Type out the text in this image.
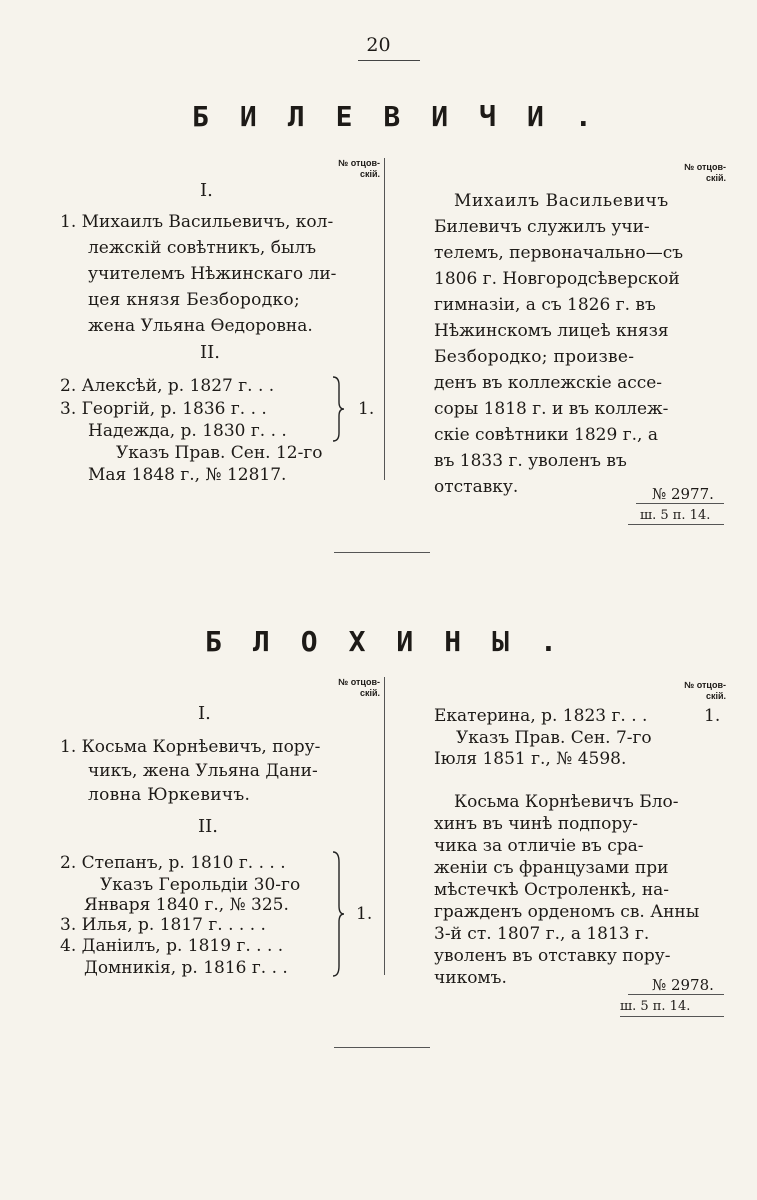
20
БИЛЕВИЧИ.
№ отцов-
скій.
I.
1. Михаилъ Васильевичъ, кол-
лежскій совѣтникъ, былъ
учителемъ Нѣжинскаго ли-
цея князя Безбородко;
жена Ульяна Ѳедоровна.
II.
2. Алексѣй, р. 1827 г. . .
3. Георгій, р. 1836 г. . .
Надежда, р. 1830 г. . .
Указъ Прав. Сен. 12-го
Мая 1848 г., № 12817.
1.
№ отцов-
скій.
Михаилъ Васильевичъ
Билевичъ служилъ учи-
телемъ, первоначально—съ
1806 г. Новгородсѣверской
гимназіи, а съ 1826 г. въ
Нѣжинскомъ лицеѣ князя
Безбородко; произве-
денъ въ коллежскіе ассе-
соры 1818 г. и въ коллеж-
скіе совѣтники 1829 г., а
въ 1833 г. уволенъ въ
отставку.	№ 2977.
ш. 5 п. 14.
БЛОХИНЫ.
№ отцов-
скій.
I.
1. Косьма Корнѣевичъ, пору-
чикъ, жена Ульяна Дани-
ловна Юркевичъ.
II.
2. Степанъ, р. 1810 г. . . .
Указъ Герольдіи 30-го
Января 1840 г., № 325.
3. Илья, р. 1817 г. . . . .
4. Даніилъ, р. 1819 г. . . .
Домникія, р. 1816 г. . .
1.
№ отцов-
скій.
Екатерина, р. 1823 г. . .	1.
Указъ Прав. Сен. 7-го
Іюля 1851 г., № 4598.
Косьма Корнѣевичъ Бло-
хинъ въ чинѣ подпору-
чика за отличіе въ сра-
женіи съ французами при
мѣстечкѣ Остроленкѣ, на-
гражденъ орденомъ св. Анны
3-й ст. 1807 г., а 1813 г.
уволенъ въ отставку пору-
чикомъ.	№ 2978.
ш. 5 п. 14.
